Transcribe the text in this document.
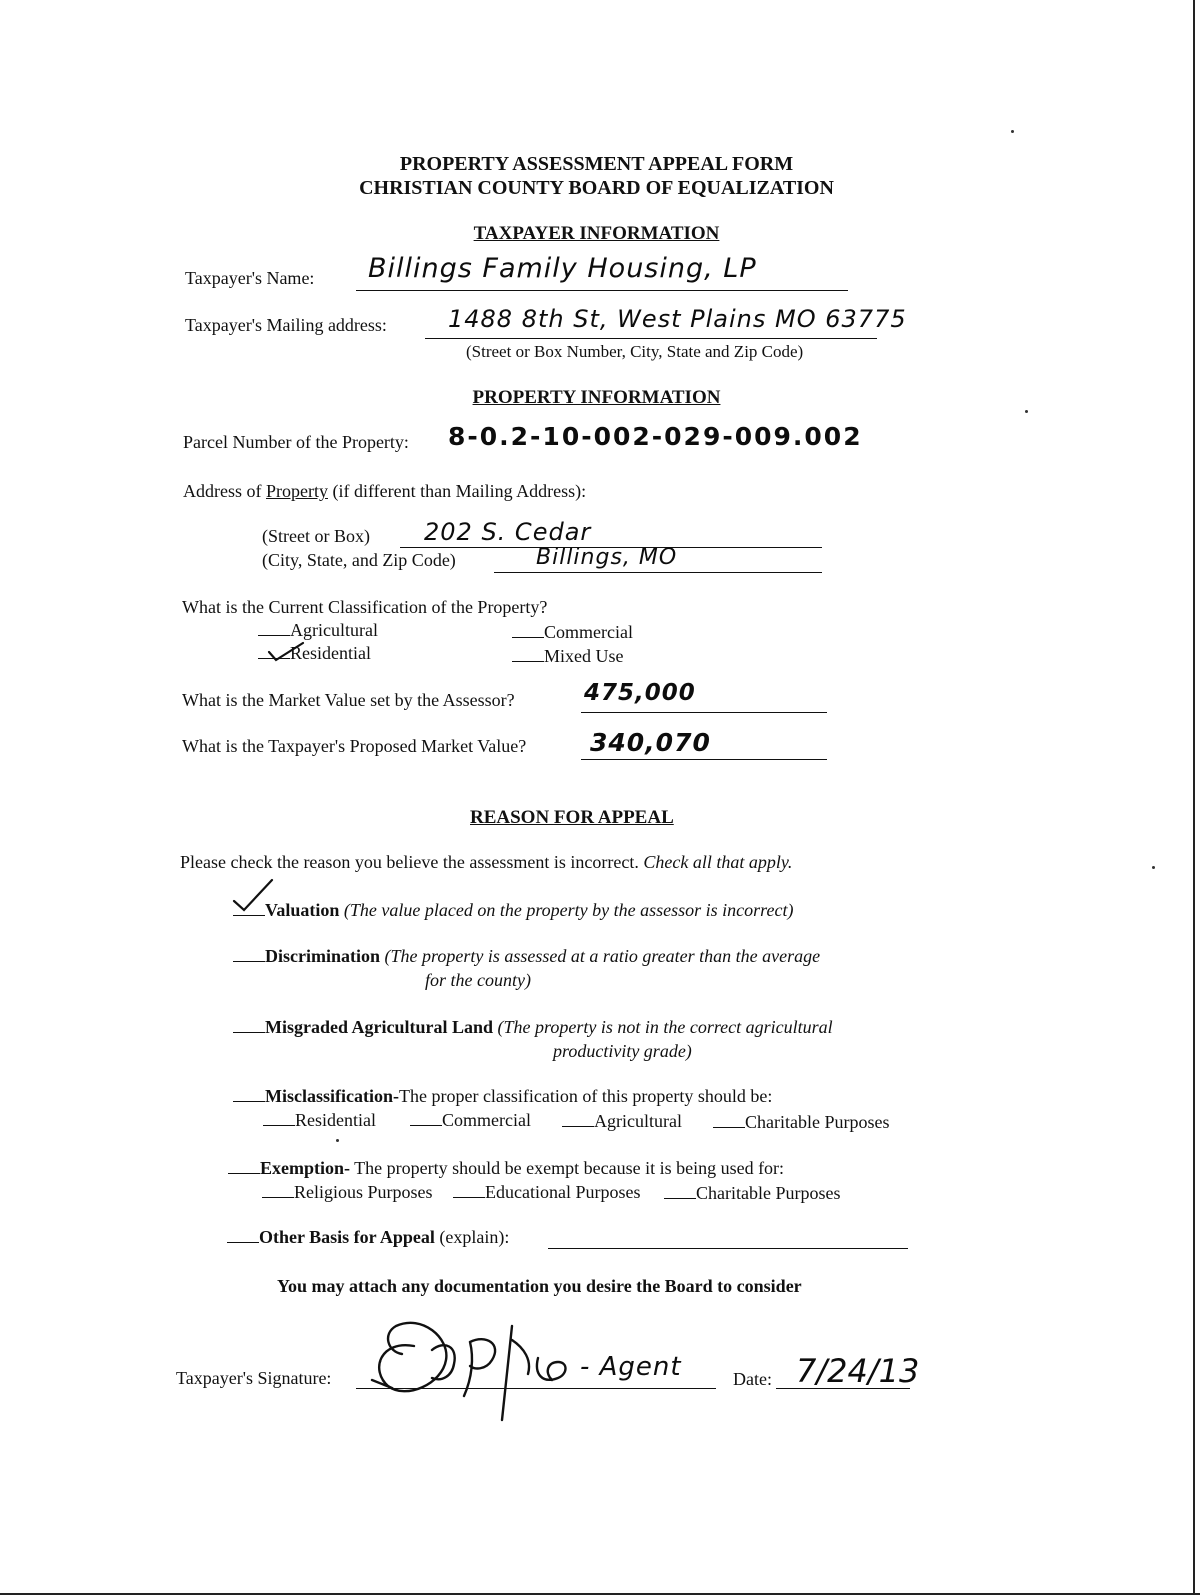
PROPERTY ASSESSMENT APPEAL FORM
CHRISTIAN COUNTY BOARD OF EQUALIZATION
TAXPAYER INFORMATION
Taxpayer's Name: Billings Family Housing, LP
Taxpayer's Mailing address:	1488 8th St, West Plains MO 63775
(Street or Box Number, City, State and Zip Code)
PROPERTY INFORMATION
Parcel Number of the Property: 8-0.2-10-002-029-009.002
Address of Property (if different than Mailing Address):
(Street or Box) 202 S. Cedar
(City, State, and Zip Code)	Billings, MO
What is the Current Classification of the Property?
Agricultural	Commercial
Residential	Mixed Use
What is the Market Value set by the Assessor?	475,000
What is the Taxpayer's Proposed Market Value?	340,070
REASON FOR APPEAL
Please check the reason you believe the assessment is incorrect. Check all that apply.
Valuation (The value placed on the property by the assessor is incorrect)
Discrimination (The property is assessed at a ratio greater than the average
for the county)
Misgraded Agricultural Land (The property is not in the correct agricultural
productivity grade)
Misclassification-The proper classification of this property should be:
Residential	Commercial	Agricultural	Charitable Purposes
Exemption- The property should be exempt because it is being used for:
Religious Purposes	Educational Purposes	Charitable Purposes
Other Basis for Appeal (explain):
You may attach any documentation you desire the Board to consider
Taxpayer's Signature:	- Agent	Date: 7/24/13
